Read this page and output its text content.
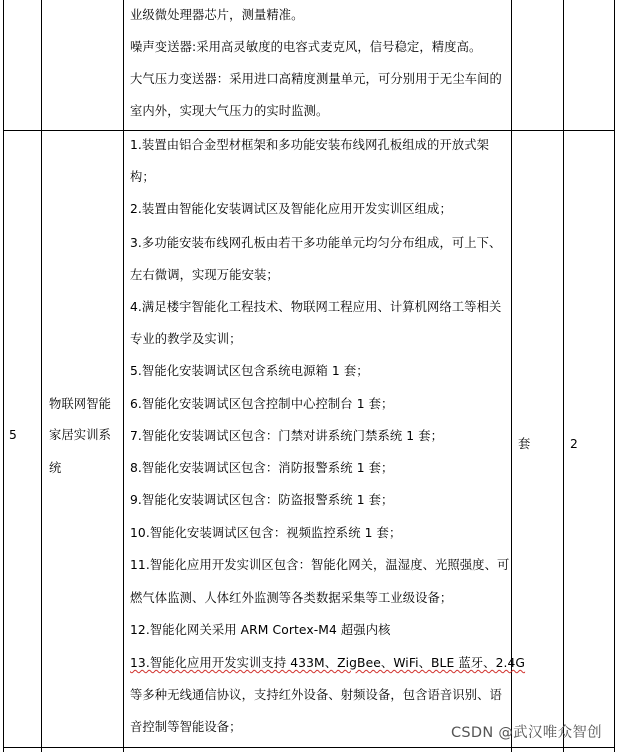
业级微处理器芯片，测量精准。
噪声变送器:采用高灵敏度的电容式麦克风，信号稳定，精度高。
大气压力变送器：采用进口高精度测量单元，可分别用于无尘车间的
室内外，实现大气压力的实时监测。
5
物联网智能
家居实训系
统
套	2
1.装置由铝合金型材框架和多功能安装布线网孔板组成的开放式架
构；
2.装置由智能化安装调试区及智能化应用开发实训区组成；
3.多功能安装布线网孔板由若干多功能单元均匀分布组成，可上下、
左右微调，实现万能安装；
4.满足楼宇智能化工程技术、物联网工程应用、计算机网络工等相关
专业的教学及实训；
5.智能化安装调试区包含系统电源箱 1 套；
6.智能化安装调试区包含控制中心控制台 1 套；
7.智能化安装调试区包含：门禁对讲系统门禁系统 1 套；
8.智能化安装调试区包含：消防报警系统 1 套；
9.智能化安装调试区包含：防盗报警系统 1 套；
10.智能化安装调试区包含：视频监控系统 1 套；
11.智能化应用开发实训区包含：智能化网关，温湿度、光照强度、可
燃气体监测、人体红外监测等各类数据采集等工业级设备；
12.智能化网关采用 ARM Cortex-M4 超强内核
13.智能化应用开发实训支持 433M、ZigBee、WiFi、BLE 蓝牙、2.4G
等多种无线通信协议，支持红外设备、射频设备，包含语音识别、语
音控制等智能设备；	CSDN @武汉唯众智创
